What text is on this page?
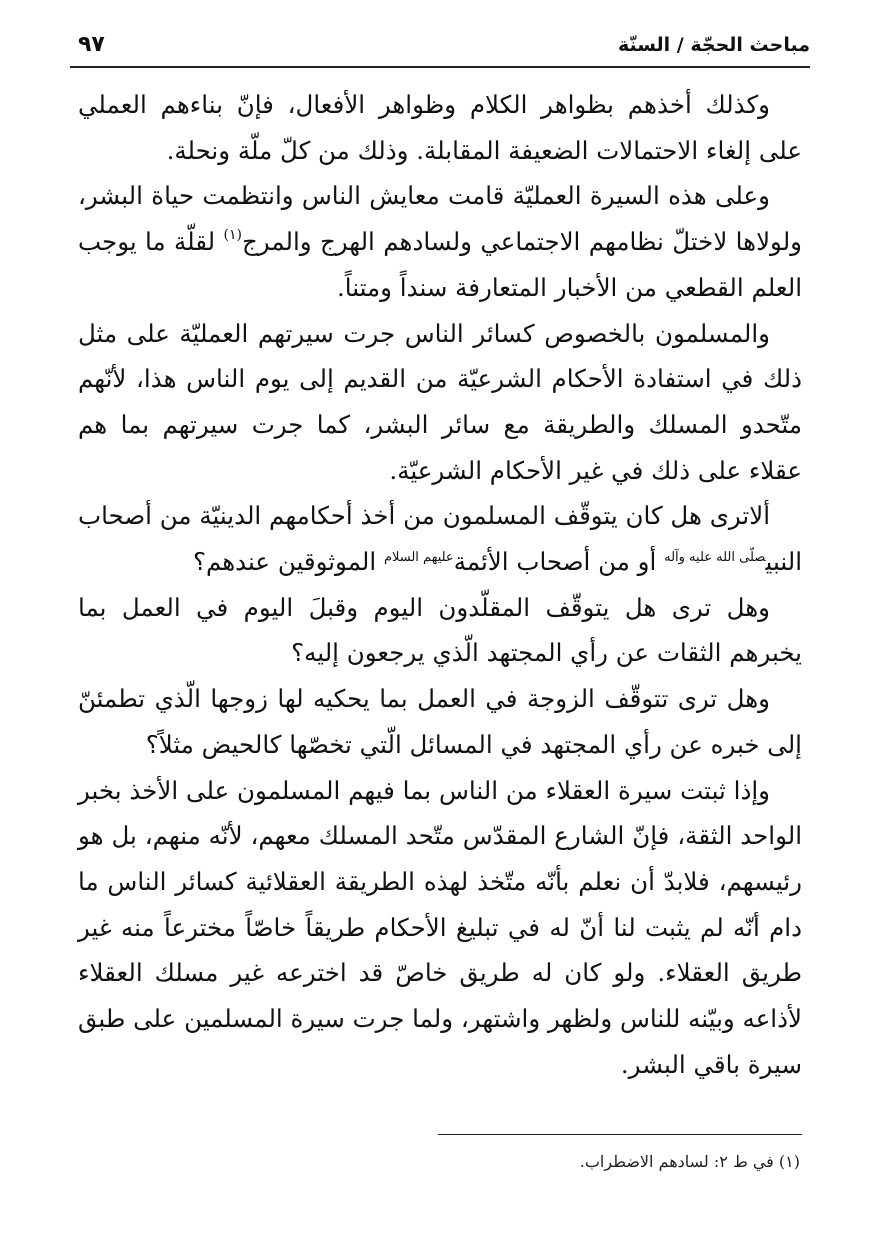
مباحث الحجّة / السنّة
٩٧

وكذلك أخذهم بظواهر الكلام وظواهر الأفعال، فإنّ بناءهم العملي على إلغاء الاحتمالات الضعيفة المقابلة. وذلك من كلّ ملّة ونحلة.

وعلى هذه السيرة العمليّة قامت معايش الناس وانتظمت حياة البشر، ولولاها لاختلّ نظامهم الاجتماعي ولسادهم الهرج والمرج$^{(١)}$ لقلّة ما يوجب العلم القطعي من الأخبار المتعارفة سنداً ومتناً.

والمسلمون بالخصوص كسائر الناس جرت سيرتهم العمليّة على مثل ذلك في استفادة الأحكام الشرعيّة من القديم إلى يوم الناس هذا، لأنّهم متّحدو المسلك والطريقة مع سائر البشر، كما جرت سيرتهم بما هم عقلاء على ذلك في غير الأحكام الشرعيّة.

ألاترى هل كان يتوقّف المسلمون من أخذ أحكامهم الدينيّة من أصحاب النبي$^{صلّى الله عليه وآله}$ أو من أصحاب الأئمة$^{عليهم السلام}$ الموثوقين عندهم؟

وهل ترى هل يتوقّف المقلّدون اليوم وقبلَ اليوم في العمل بما يخبرهم الثقات عن رأي المجتهد الّذي يرجعون إليه؟

وهل ترى تتوقّف الزوجة في العمل بما يحكيه لها زوجها الّذي تطمئنّ إلى خبره عن رأي المجتهد في المسائل الّتي تخصّها كالحيض مثلاً؟

وإذا ثبتت سيرة العقلاء من الناس بما فيهم المسلمون على الأخذ بخبر الواحد الثقة، فإنّ الشارع المقدّس متّحد المسلك معهم، لأنّه منهم، بل هو رئيسهم، فلابدّ أن نعلم بأنّه متّخذ لهذه الطريقة العقلائية كسائر الناس ما دام أنّه لم يثبت لنا أنّ له في تبليغ الأحكام طريقاً خاصّاً مخترعاً منه غير طريق العقلاء. ولو كان له طريق خاصّ قد اخترعه غير مسلك العقلاء لأذاعه وبيّنه للناس ولظهر واشتهر، ولما جرت سيرة المسلمين على طبق سيرة باقي البشر.

(١) في ط ٢: لسادهم الاضطراب.
